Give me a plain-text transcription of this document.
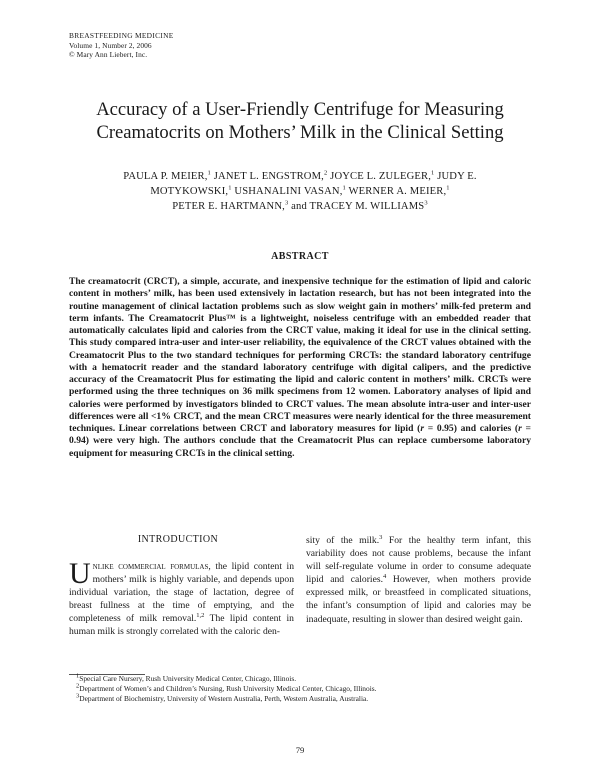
BREASTFEEDING MEDICINE
Volume 1, Number 2, 2006
© Mary Ann Liebert, Inc.
Accuracy of a User-Friendly Centrifuge for Measuring
Creamatocrits on Mothers’ Milk in the Clinical Setting
PAULA P. MEIER,$^1$ JANET L. ENGSTROM,$^2$ JOYCE L. ZULEGER,$^1$ JUDY E.
MOTYKOWSKI,$^1$ USHANALINI VASAN,$^1$ WERNER A. MEIER,$^1$
PETER E. HARTMANN,$^3$ and TRACEY M. WILLIAMS$^3$
ABSTRACT

The creamatocrit (CRCT), a simple, accurate, and inexpensive technique for the estimation of lipid and caloric content in mothers’ milk, has been used extensively in lactation research, but has not been integrated into the routine management of clinical lactation problems such as slow weight gain in mothers’ milk-fed preterm and term infants. The Creamatocrit Plus™ is a lightweight, noiseless centrifuge with an embedded reader that automatically calculates lipid and calories from the CRCT value, making it ideal for use in the clinical setting. This study compared intra-user and inter-user reliability, the equivalence of the CRCT values obtained with the Creamatocrit Plus to the two standard techniques for performing CRCTs: the standard laboratory centrifuge with a hematocrit reader and the standard laboratory centrifuge with digital calipers, and the predictive accuracy of the Creamatocrit Plus for estimating the lipid and caloric content in mothers’ milk. CRCTs were performed using the three techniques on 36 milk specimens from 12 women. Laboratory analyses of lipid and calories were performed by investigators blinded to CRCT values. The mean absolute intra-user and inter-user differences were all <1% CRCT, and the mean CRCT measures were nearly identical for the three measurement techniques. Linear correlations between CRCT and laboratory measures for lipid (r = 0.95) and calories (r = 0.94) were very high. The authors conclude that the Creamatocrit Plus can replace cumbersome laboratory equipment for measuring CRCTs in the clinical setting.

INTRODUCTION

Unlike commercial formulas, the lipid content in mothers’ milk is highly variable, and depends upon individual variation, the stage of lactation, degree of breast fullness at the time of emptying, and the completeness of milk removal.$^{1,2}$ The lipid content in human milk is strongly correlated with the caloric den-

sity of the milk.$^3$ For the healthy term infant, this variability does not cause problems, because the infant will self-regulate volume in order to consume adequate lipid and calories.$^4$ However, when mothers provide expressed milk, or breastfeed in complicated situations, the infant’s consumption of lipid and calories may be inadequate, resulting in slower than desired weight gain.

$^1$Special Care Nursery, Rush University Medical Center, Chicago, Illinois.
$^2$Department of Women’s and Children’s Nursing, Rush University Medical Center, Chicago, Illinois.
$^3$Department of Biochemistry, University of Western Australia, Perth, Western Australia, Australia.
79
